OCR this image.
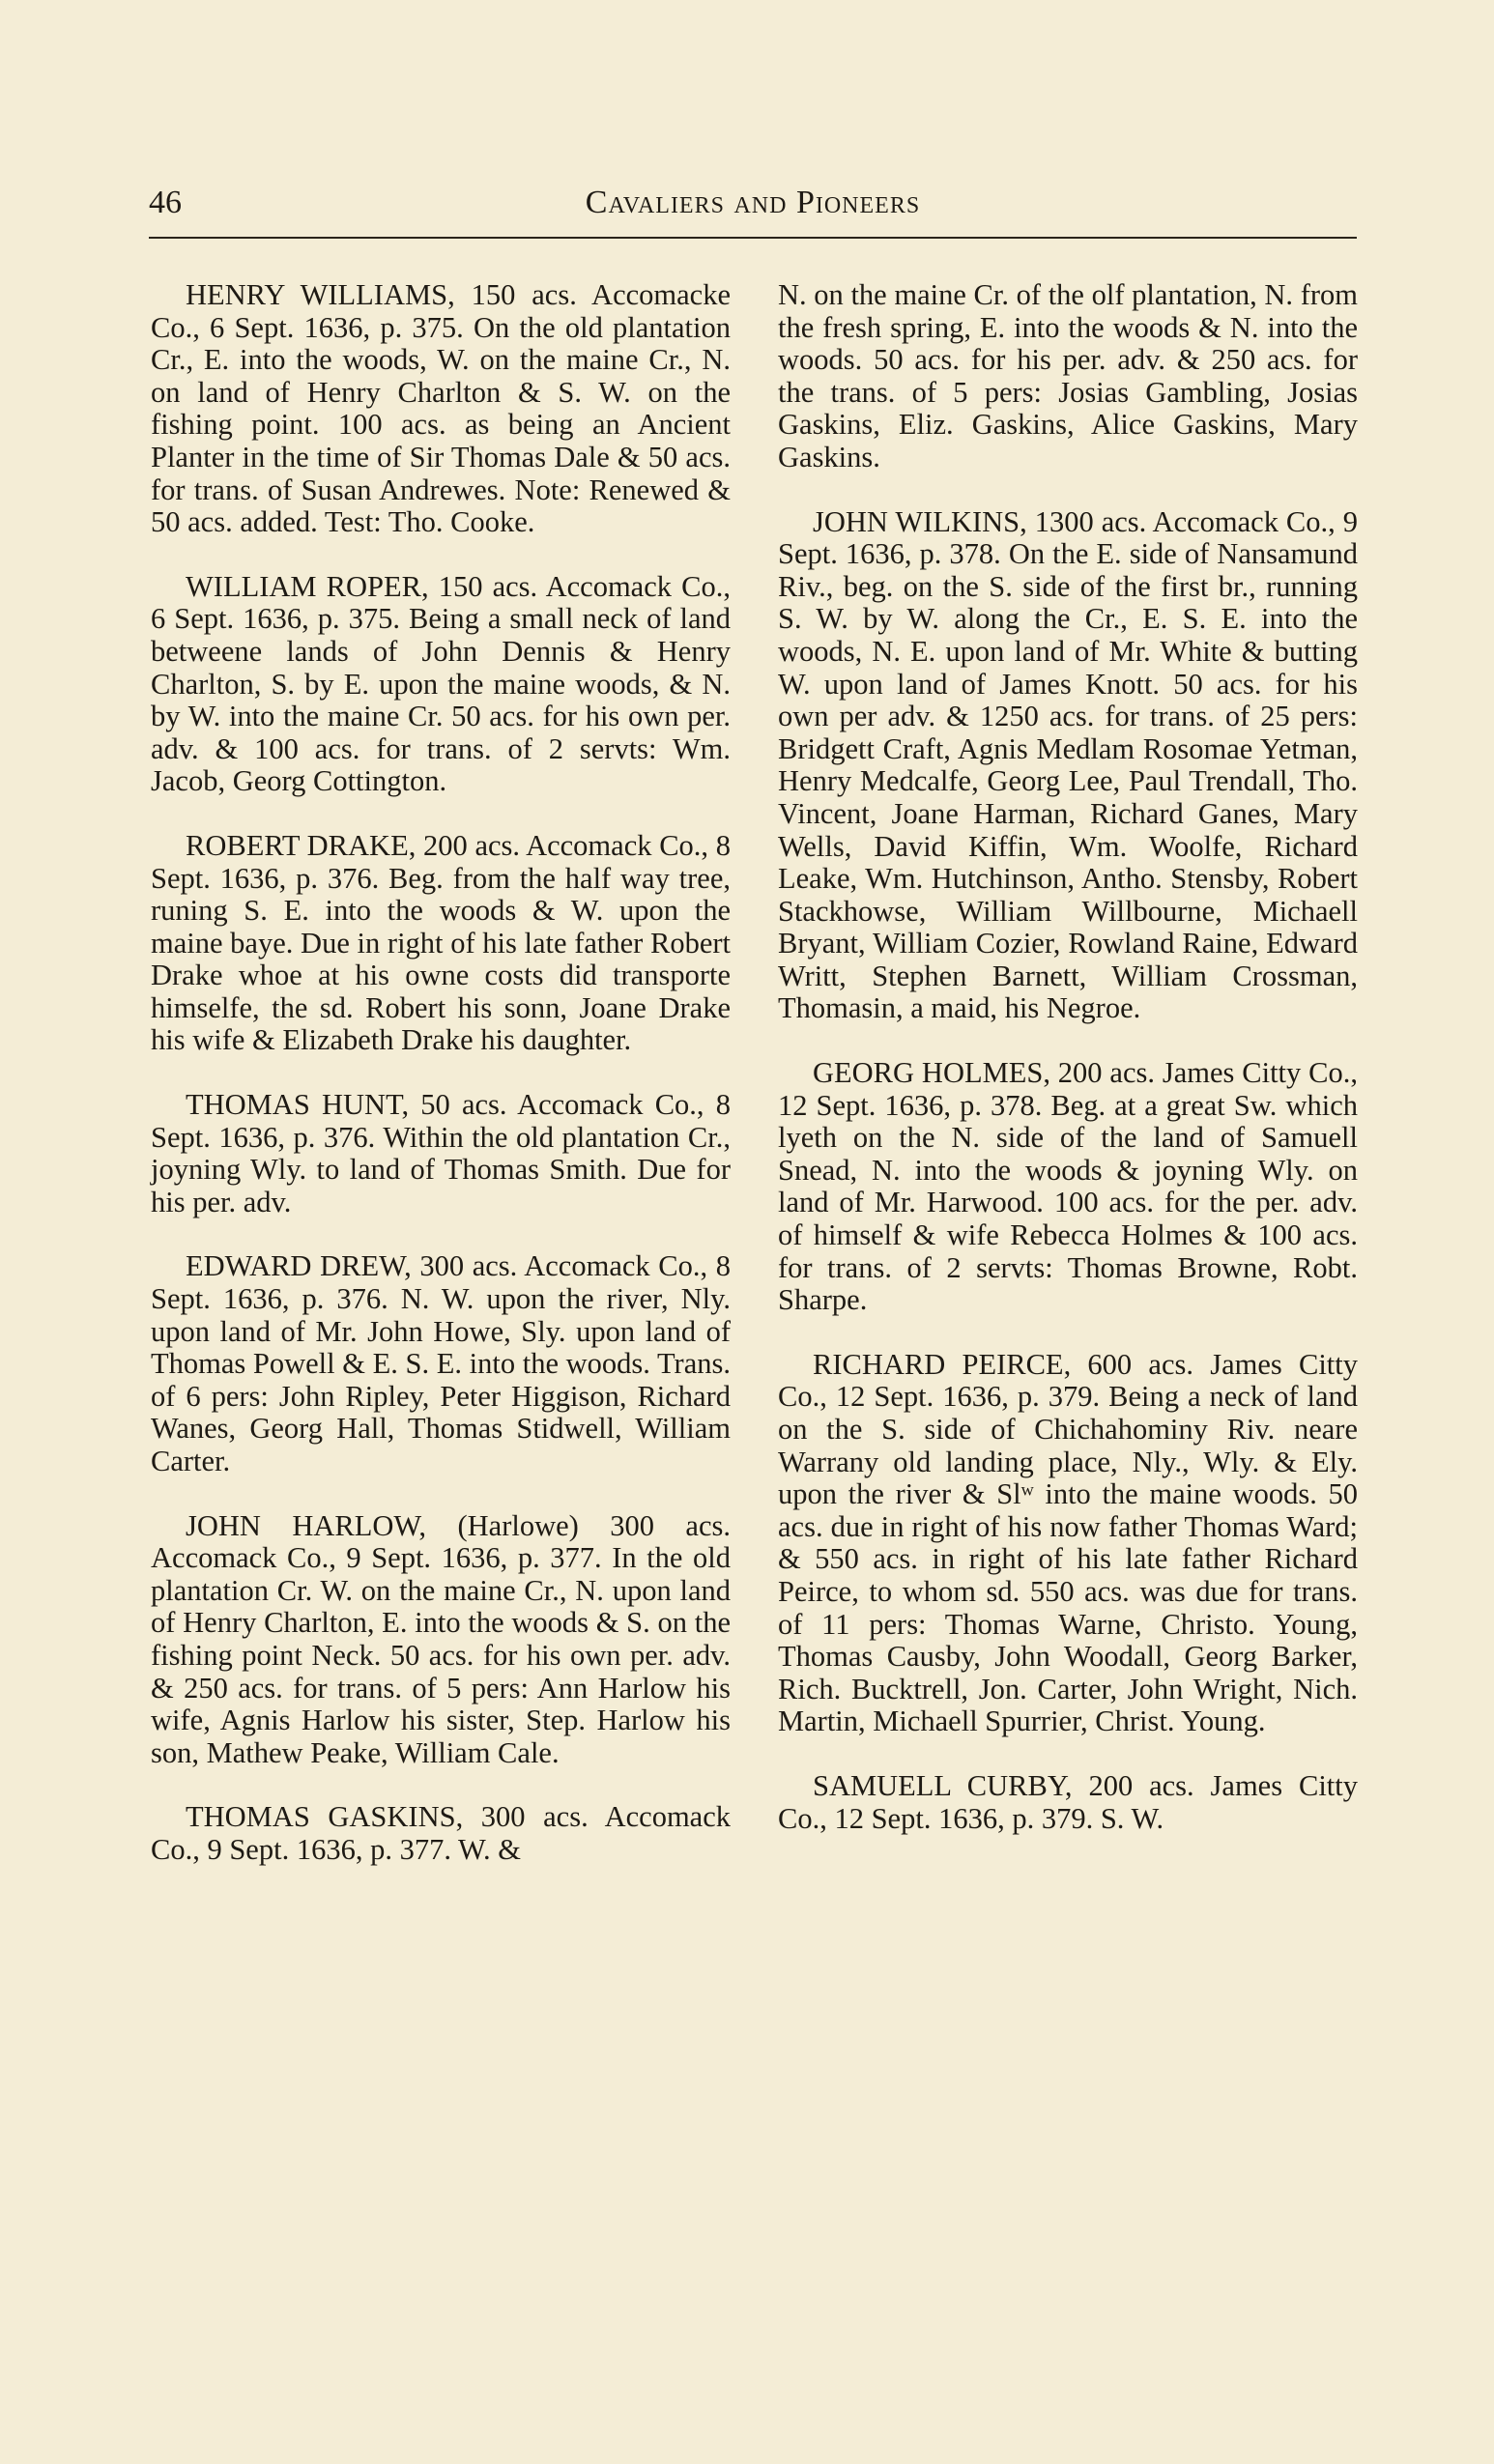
46	Cavaliers and Pioneers

HENRY WILLIAMS, 150 acs. Accomacke Co., 6 Sept. 1636, p. 375. On the old plantation Cr., E. into the woods, W. on the maine Cr., N. on land of Henry Charlton & S. W. on the fishing point. 100 acs. as being an Ancient Planter in the time of Sir Thomas Dale & 50 acs. for trans. of Susan Andrewes. Note: Renewed & 50 acs. added. Test: Tho. Cooke.

WILLIAM ROPER, 150 acs. Accomack Co., 6 Sept. 1636, p. 375. Being a small neck of land betweene lands of John Dennis & Henry Charlton, S. by E. upon the maine woods, & N. by W. into the maine Cr. 50 acs. for his own per. adv. & 100 acs. for trans. of 2 servts: Wm. Jacob, Georg Cottington.

ROBERT DRAKE, 200 acs. Accomack Co., 8 Sept. 1636, p. 376. Beg. from the half way tree, runing S. E. into the woods & W. upon the maine baye. Due in right of his late father Robert Drake whoe at his owne costs did transporte himselfe, the sd. Robert his sonn, Joane Drake his wife & Elizabeth Drake his daughter.

THOMAS HUNT, 50 acs. Accomack Co., 8 Sept. 1636, p. 376. Within the old plantation Cr., joyning Wly. to land of Thomas Smith. Due for his per. adv.

EDWARD DREW, 300 acs. Accomack Co., 8 Sept. 1636, p. 376. N. W. upon the river, Nly. upon land of Mr. John Howe, Sly. upon land of Thomas Powell & E. S. E. into the woods. Trans. of 6 pers: John Ripley, Peter Higgison, Richard Wanes, Georg Hall, Thomas Stidwell, William Carter.

JOHN HARLOW, (Harlowe) 300 acs. Accomack Co., 9 Sept. 1636, p. 377. In the old plantation Cr. W. on the maine Cr., N. upon land of Henry Charlton, E. into the woods & S. on the fishing point Neck. 50 acs. for his own per. adv. & 250 acs. for trans. of 5 pers: Ann Harlow his wife, Agnis Harlow his sister, Step. Harlow his son, Mathew Peake, William Cale.

THOMAS GASKINS, 300 acs. Accomack Co., 9 Sept. 1636, p. 377. W. &

N. on the maine Cr. of the olf plantation, N. from the fresh spring, E. into the woods & N. into the woods. 50 acs. for his per. adv. & 250 acs. for the trans. of 5 pers: Josias Gambling, Josias Gaskins, Eliz. Gaskins, Alice Gaskins, Mary Gaskins.

JOHN WILKINS, 1300 acs. Accomack Co., 9 Sept. 1636, p. 378. On the E. side of Nansamund Riv., beg. on the S. side of the first br., running S. W. by W. along the Cr., E. S. E. into the woods, N. E. upon land of Mr. White & butting W. upon land of James Knott. 50 acs. for his own per adv. & 1250 acs. for trans. of 25 pers: Bridgett Craft, Agnis Medlam Rosomae Yetman, Henry Medcalfe, Georg Lee, Paul Trendall, Tho. Vincent, Joane Harman, Richard Ganes, Mary Wells, David Kiffin, Wm. Woolfe, Richard Leake, Wm. Hutchinson, Antho. Stensby, Robert Stackhowse, William Willbourne, Michaell Bryant, William Cozier, Rowland Raine, Edward Writt, Stephen Barnett, William Crossman, Thomasin, a maid, his Negroe.

GEORG HOLMES, 200 acs. James Citty Co., 12 Sept. 1636, p. 378. Beg. at a great Sw. which lyeth on the N. side of the land of Samuell Snead, N. into the woods & joyning Wly. on land of Mr. Harwood. 100 acs. for the per. adv. of himself & wife Rebecca Holmes & 100 acs. for trans. of 2 servts: Thomas Browne, Robt. Sharpe.

RICHARD PEIRCE, 600 acs. James Citty Co., 12 Sept. 1636, p. 379. Being a neck of land on the S. side of Chichahominy Riv. neare Warrany old landing place, Nly., Wly. & Ely. upon the river & Slʷ into the maine woods. 50 acs. due in right of his now father Thomas Ward; & 550 acs. in right of his late father Richard Peirce, to whom sd. 550 acs. was due for trans. of 11 pers: Thomas Warne, Christo. Young, Thomas Causby, John Woodall, Georg Barker, Rich. Bucktrell, Jon. Carter, John Wright, Nich. Martin, Michaell Spurrier, Christ. Young.

SAMUELL CURBY, 200 acs. James Citty Co., 12 Sept. 1636, p. 379. S. W.
